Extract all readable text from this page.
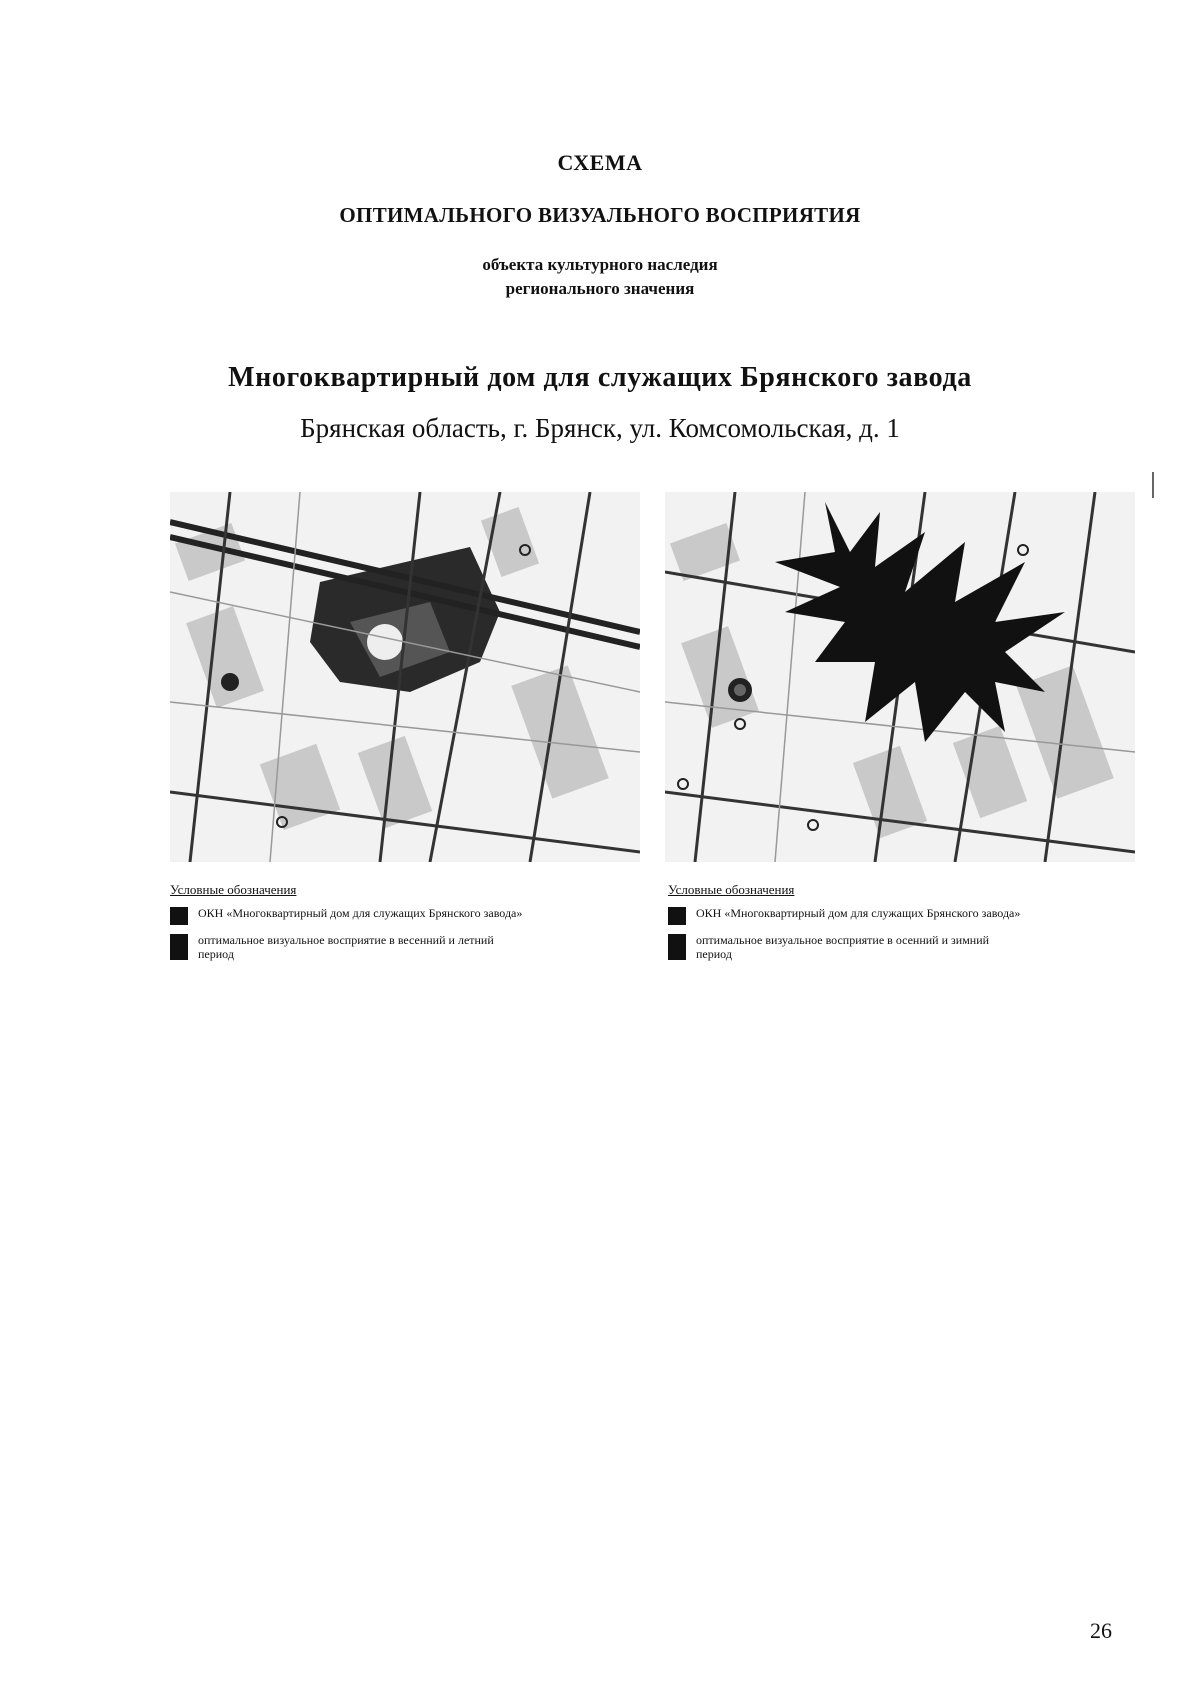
СХЕМА
ОПТИМАЛЬНОГО ВИЗУАЛЬНОГО ВОСПРИЯТИЯ
объекта культурного наследия
регионального значения
Многоквартирный дом для служащих Брянского завода
Брянская область, г. Брянск, ул. Комсомольская, д. 1
Условные обозначения
ОКН «Многоквартирный дом для служащих Брянского завода»
оптимальное визуальное восприятие в весенний и летний период
Условные обозначения
ОКН «Многоквартирный дом для служащих Брянского завода»
оптимальное визуальное восприятие в осенний и зимний период
26
